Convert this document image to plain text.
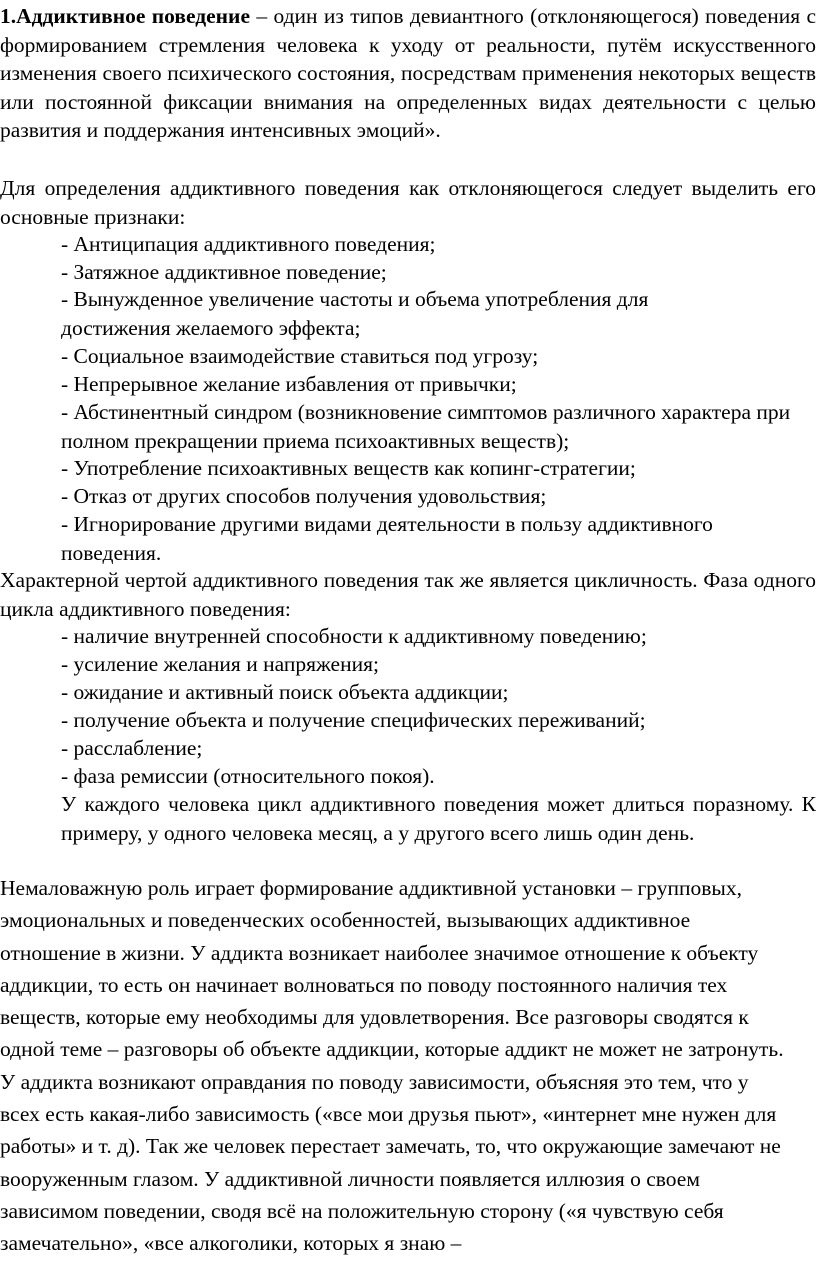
1.Аддиктивное поведение – один из типов девиантного (отклоняющегося) поведения с формированием стремления человека к уходу от реальности, путём искусственного изменения своего психического состояния, посредствам применения некоторых веществ или постоянной фиксации внимания на определенных видах деятельности с целью развития и поддержания интенсивных эмоций».
Для определения аддиктивного поведения как отклоняющегося следует выделить его основные признаки:
- Антиципация аддиктивного поведения;
- Затяжное аддиктивное поведение;
- Вынужденное увеличение частоты и объема употребления для достижения желаемого эффекта;
- Социальное взаимодействие ставиться под угрозу;
- Непрерывное желание избавления от привычки;
- Абстинентный синдром (возникновение симптомов различного характера при полном прекращении приема психоактивных веществ);
- Употребление психоактивных веществ как копинг-стратегии;
- Отказ от других способов получения удовольствия;
- Игнорирование другими видами деятельности в пользу аддиктивного поведения.
Характерной чертой аддиктивного поведения так же является цикличность. Фаза одного цикла аддиктивного поведения:
- наличие внутренней способности к аддиктивному поведению;
- усиление желания и напряжения;
- ожидание и активный поиск объекта аддикции;
- получение объекта и получение специфических переживаний;
- расслабление;
- фаза ремиссии (относительного покоя).
У каждого человека цикл аддиктивного поведения может длиться поразному. К примеру, у одного человека месяц, а у другого всего лишь один день.
Немаловажную роль играет формирование аддиктивной установки – групповых, эмоциональных и поведенческих особенностей, вызывающих аддиктивное отношение в жизни. У аддикта возникает наиболее значимое отношение к объекту аддикции, то есть он начинает волноваться по поводу постоянного наличия тех веществ, которые ему необходимы для удовлетворения. Все разговоры сводятся к одной теме – разговоры об объекте аддикции, которые аддикт не может не затронуть. У аддикта возникают оправдания по поводу зависимости, объясняя это тем, что у всех есть какая-либо зависимость («все мои друзья пьют», «интернет мне нужен для работы» и т. д). Так же человек перестает замечать, то, что окружающие замечают не вооруженным глазом. У аддиктивной личности появляется иллюзия о своем зависимом поведении, сводя всё на положительную сторону («я чувствую себя замечательно», «все алкоголики, которых я знаю –
